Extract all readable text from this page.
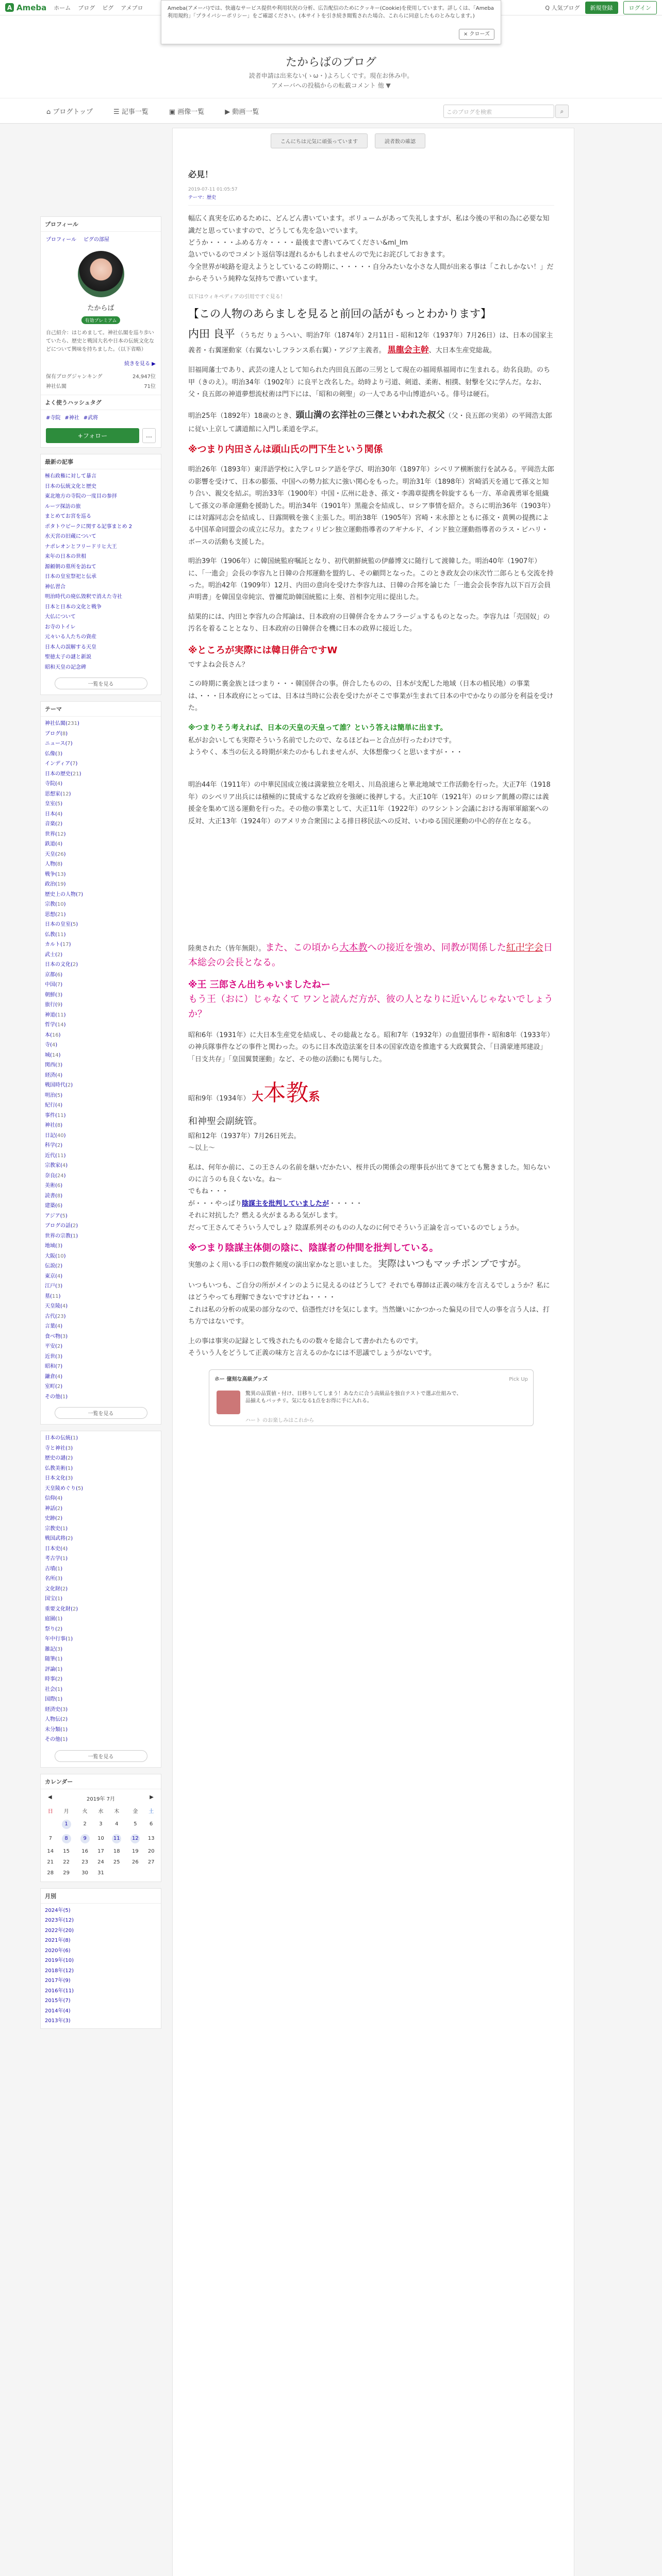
A Ameba ホーム ブログ ピグ アメブロ	Q 人気ブログ	新規登録	ログイン
たからばのブログ
読者申請は出来ない(ゝω・)よろしくです。現在お休み中。
アメーバへの投稿からの転載コメント 他 ▼
Ameba(アメーバ)では、快適なサービス提供や利用状況の分析、広告配信のためにクッキー(Cookie)を使用しています。詳しくは、「Ameba利用規約」「プライバシーポリシー」をご確認ください。(本サイトを引き続き閲覧された場合、これらに同意したものとみなします。)
× クローズ
⌂ ブログトップ	☰ 記事一覧	▣ 画像一覧	▶ 動画一覧	このブログを検索	⌕
プロフィール
プロフィール ピグの部屋
たからば
有効プレミアム
自己紹介：はじめまして。神社仏閣を巡り歩いていたら、歴史と戦国大名や日本の伝統文化などについて興味を持ちました。（以下省略）
続きを見る ▶
保有ブログジャンキング	24,947位
神社仏閣	71位
よく使うハッシュタグ
#寺院 #神社 #武将
+フォロー	…
最新の記事
極右政権に対して暴言
日本の伝統文化と歴史
東北地方の寺院の一度目の参拝
ルーツ探訪の旅
まとめてお宮を巡る
ポタトウビークに関する記事まとめ 2
水天宮の旧蔵について
ナポレオンとフリードリヒ大王
来年の日本の世相
源頼朝の墓所を訪ねて
日本の皇室祭祀と伝承
神仏習合
明治時代の廃仏毀釈で消えた寺社
日本と日本の文化と戦争
大仏について
お寺のトイレ
元々いる人たちの資産
日本人の誤解する天皇
聖徳太子の謎と新説
昭和天皇の記念碑
一覧を見る
テーマ
神社仏閣(231)
ブログ(8)
ニュース(7)
仏像(3)
インディア(7)
日本の歴史(21)
寺院(4)
思想家(12)
皇室(5)
日本(4)
音楽(2)
世界(12)
鉄道(4)
天皇(26)
人物(8)
戦争(13)
政治(19)
歴史上の人物(7)
宗教(10)
思想(21)
日本の皇室(5)
仏教(11)
カルト(17)
武士(2)
日本の文化(2)
京都(6)
中国(7)
朝鮮(3)
旅行(9)
神道(11)
哲学(14)
本(16)
寺(4)
城(14)
関西(3)
経済(4)
戦国時代(2)
明治(5)
紀行(4)
事件(11)
神社(8)
日記(40)
科学(2)
近代(11)
宗教家(4)
奈良(24)
美術(6)
読書(8)
建築(6)
アジア(5)
ブログの話(2)
世界の宗教(1)
地域(3)
大阪(10)
伝説(2)
東京(4)
江戸(3)
墓(11)
天皇陵(4)
古代(23)
言葉(4)
食べ物(3)
平安(2)
近世(3)
昭和(7)
鎌倉(4)
室町(2)
その他(1)
一覧を見る
日本の伝統(1)
寺と神社(3)
歴史の謎(2)
仏教美術(1)
日本文化(3)
天皇陵めぐり(5)
信仰(4)
神話(2)
史跡(2)
宗教史(1)
戦国武将(2)
日本史(4)
考古学(1)
古墳(1)
名所(3)
文化財(2)
国宝(1)
重要文化財(2)
庭園(1)
祭り(2)
年中行事(1)
雑記(3)
随筆(1)
評論(1)
時事(2)
社会(1)
国際(1)
経済史(3)
人物伝(2)
未分類(1)
その他(1)
一覧を見る
カレンダー
◀	2019年 7月	▶
日	月	火	水	木	金	土
	1	2	3	4	5	6
7	8	9	10	11	12	13
14	15	16	17	18	19	20
21	22	23	24	25	26	27
28	29	30	31			
月別
2024年(5)
2023年(12)
2022年(20)
2021年(8)
2020年(6)
2019年(10)
2018年(12)
2017年(9)
2016年(11)
2015年(7)
2014年(4)
2013年(3)
こんにちは元気に頑張っています	読者数の確認
必見！
2019-07-11 01:05:57
テーマ：歴史
幅広く真実を広めるために、どんどん書いています。ボリュームがあって失礼しますが、私は今後の平和の為に必要な知識だと思っていますので、どうしても先を急いでいます。
どうか・・・・ふめる方々・・・・最後まで書いてみてください&ml_lm
急いでいるのでコメント返信等は遅れるかもしれませんので先にお詫びしておきます。
今全世界が岐路を迎えようとしているこの時期に、・・・・・自分みたいな小さな人間が出来る事は「これしかない！」だからそういう純粋な気持ちで書いています。
以下はウィキペディアの引用ですぐ見る！
【この人物のあらましを見ると前回の話がもっとわかります】
内田 良平 （うちだ りょうへい、明治7年（1874年）2月11日 - 昭和12年（1937年）7月26日）は、日本の国家主義者・右翼運動家（右翼ないしフランス系右翼）・アジア主義者。 黒龍会主幹、大日本生産党総裁。
旧福岡藩士であり、武芸の達人として知られた内田良五郎の三男として現在の福岡県福岡市に生まれる。幼名良助。のち甲（きのえ）。明治34年（1902年）に良平と改名した。幼時より弓道、剣道、柔術、相撲、射撃を父に学んだ。なお、父・良五郎の神道夢想流杖術は門下には、「昭和の剣聖」の一人である中山博道がいる。俳号は硬石。
明治25年（1892年）18歳のとき、頭山満の玄洋社の三傑といわれた叔父（父・良五郎の実弟）の平岡浩太郎に従い上京して講道館に入門し柔道を学ぶ。
※つまり内田さんは頭山氏の門下生という関係
明治26年（1893年）東洋語学校に入学しロシア語を学び、明治30年（1897年）シベリア横断旅行を試みる。平岡浩太郎の影響を受けて、日本の膨張、中国への勢力拡大に強い関心をもった。明治31年（1898年）宮崎滔天を通じて孫文と知り合い、親交を結ぶ。明治33年（1900年）中国・広州に赴き、孫文・李鴻章提携を斡旋するも一方、革命義勇軍を組織して孫文の革命運動を援助した。明治34年（1901年）黒龍会を結成し、ロシア事情を紹介。さらに明治36年（1903年）には対露同志会を結成し、日露開戦を強く主張した。明治38年（1905年）宮崎・末永節とともに孫文・黄興の提携による中国革命同盟会の成立に尽力。またフィリピン独立運動指導者のアギナルド、インド独立運動指導者のラス・ビハリ・ボースの活動も支援した。
明治39年（1906年）に韓国統監府嘱託となり、初代朝鮮統監の伊藤博文に随行して渡韓した。明治40年（1907年）に、「一進会」会長の李容九と日韓の合邦運動を盟約し、その顧問となった。このとき政友会の床次竹二郎らとも交流を持った。明治42年（1909年）12月、内田の意向を受けた李容九は、日韓の合邦を論じた「一進会会長李容九以下百万会員声明書」を韓国皇帝純宗、曽禰荒助韓国統監に上奏、首相李完用に提出した。
結果的には、内田と李容九の合邦論は、日本政府の日韓併合をカムフラージュするものとなった。李容九は「売国奴」の汚名を着ることとなり、日本政府の日韓併合を機に日本の政界に接近した。
※ところが実際には韓日併合ですW
ですよね会長さん？
この時期に裏金族とほつまり・・・韓国併合の事。併合したものの、日本が支配した地域（日本の植民地）の事業は、・・・日本政府にとっては、日本は当時に公表を受けたがそこで事業が生まれて日本の中でかなりの部分を利益を受けた。
※つまりそう考えれば、日本の天皇の天皇って誰？という答えは簡単に出ます。
私がお会いしても実際そういう名前でしたので、なるほどねーと合点が行ったわけです。
ようやく、本当の伝える時期が来たのかもしれませんが、大体想像つくと思いますが・・・
明治44年（1911年）の中華民国成立後は満蒙独立を唱え、川島浪速らと華北地域で工作活動を行った。大正7年（1918年）のシベリア出兵には積極的に賛成するなど政府を強硬に後押しする。大正10年（1921年）のロシア飢饉の際には義援金を集めて送る運動を行った。その他の事業として、大正11年（1922年）のワシントン会議における海軍軍縮案への反対、大正13年（1924年）のアメリカ合衆国による排日移民法への反対、いわゆる国民運動の中心的存在となる。
陸奥された（皆年無限）。また、この頃から大本教への接近を強め、同教が関係した紅卍字会日本総会の会長となる。
※王 三郎さん出ちゃいましたねー
もう王（おに）じゃなくて ワンと読んだ方が、彼の人となりに近いんじゃないでしょうか？
昭和6年（1931年）に大日本生産党を結成し、その総裁となる。昭和7年（1932年）の血盟団事件・昭和8年（1933年）の神兵隊事件などの事件と関わった。のちに日本改造法案を日本の国家改造を推進する大政翼賛会、「日満蒙連邦建設」「日支共存」「皇国翼賛運動」など、その他の活動にも関与した。
昭和9年（1934年） 大本教系
和神聖会副統管。
昭和12年（1937年）7月26日死去。
～以上～
私は、何年か前に、この王さんの名前を継いだかたい、桜井氏の関係会の理事長が出てきてとても驚きました。知らないのに言うのも良くないな。ね～
でもね・・・
が・・・やっぱり陰謀主を批判していましたが・・・・・
それに対抗した？燃える火がまるある気がします。
だって王さんてそういう人でしょ？陰謀系列そのものの人なのに何でそういう正論を言っているのでしょうか。
※つまり陰謀主体側の陰に、陰謀者の仲間を批判している。
実態のよく用いる手口の数件頻度の演出家かなと思いました。 実際はいつもマッチポンプですが。
いつもいつも、ご自分の所がメインのように見えるのはどうして？それでも尊師は正義の味方を言えるでしょうか？私にはどうやっても理解できないですけどね・・・・
これは私の分析の成果の部分なので、信憑性だけを気にします。当然嫌いにかつかった偏見の目で人の事を言う人は、打ち方ではないです。
上の事は事実の記録として残されたものの数々を総合して書かれたものです。
そういう人をどうして正義の味方と言えるのかなには不思議でしょうがないです。
ホー 億刻な高級グッズ	Pick Up
驚異の品質値・付け、目移りしてしまう！あなたに合う高級品を独自テストで選ぶ仕組みで、品揃えもバッチリ。気になる1点をお得に手に入れる。
ハート のお楽しみはこれから
